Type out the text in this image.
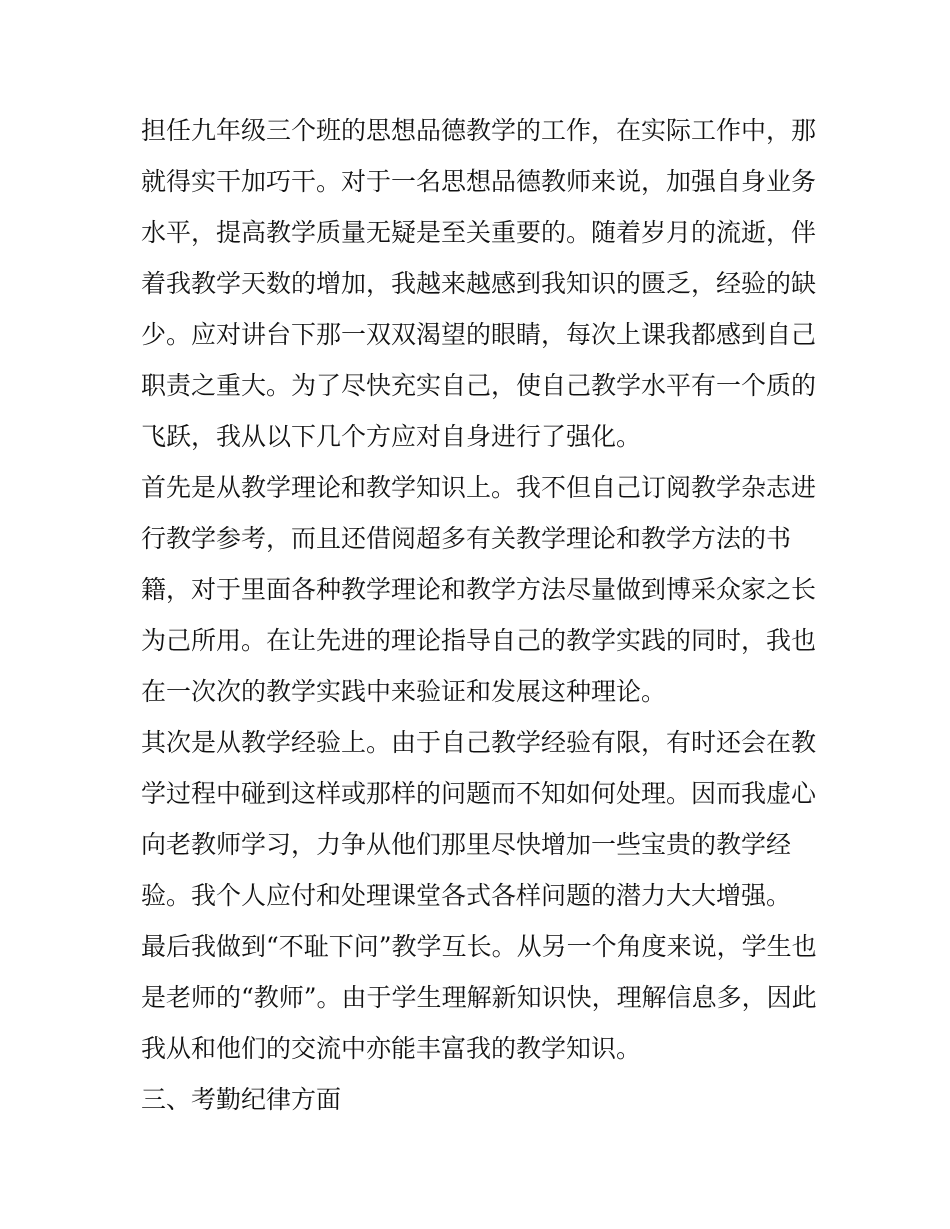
担任九年级三个班的思想品德教学的工作，在实际工作中，那
就得实干加巧干。对于一名思想品德教师来说，加强自身业务
水平，提高教学质量无疑是至关重要的。随着岁月的流逝，伴
着我教学天数的增加，我越来越感到我知识的匮乏，经验的缺
少。应对讲台下那一双双渴望的眼睛，每次上课我都感到自己
职责之重大。为了尽快充实自己，使自己教学水平有一个质的
飞跃，我从以下几个方应对自身进行了强化。
首先是从教学理论和教学知识上。我不但自己订阅教学杂志进
行教学参考，而且还借阅超多有关教学理论和教学方法的书
籍，对于里面各种教学理论和教学方法尽量做到博采众家之长
为己所用。在让先进的理论指导自己的教学实践的同时，我也
在一次次的教学实践中来验证和发展这种理论。
其次是从教学经验上。由于自己教学经验有限，有时还会在教
学过程中碰到这样或那样的问题而不知如何处理。因而我虚心
向老教师学习，力争从他们那里尽快增加一些宝贵的教学经
验。我个人应付和处理课堂各式各样问题的潜力大大增强。
最后我做到“不耻下问”教学互长。从另一个角度来说，学生也
是老师的“教师”。由于学生理解新知识快，理解信息多，因此
我从和他们的交流中亦能丰富我的教学知识。
三、考勤纪律方面
